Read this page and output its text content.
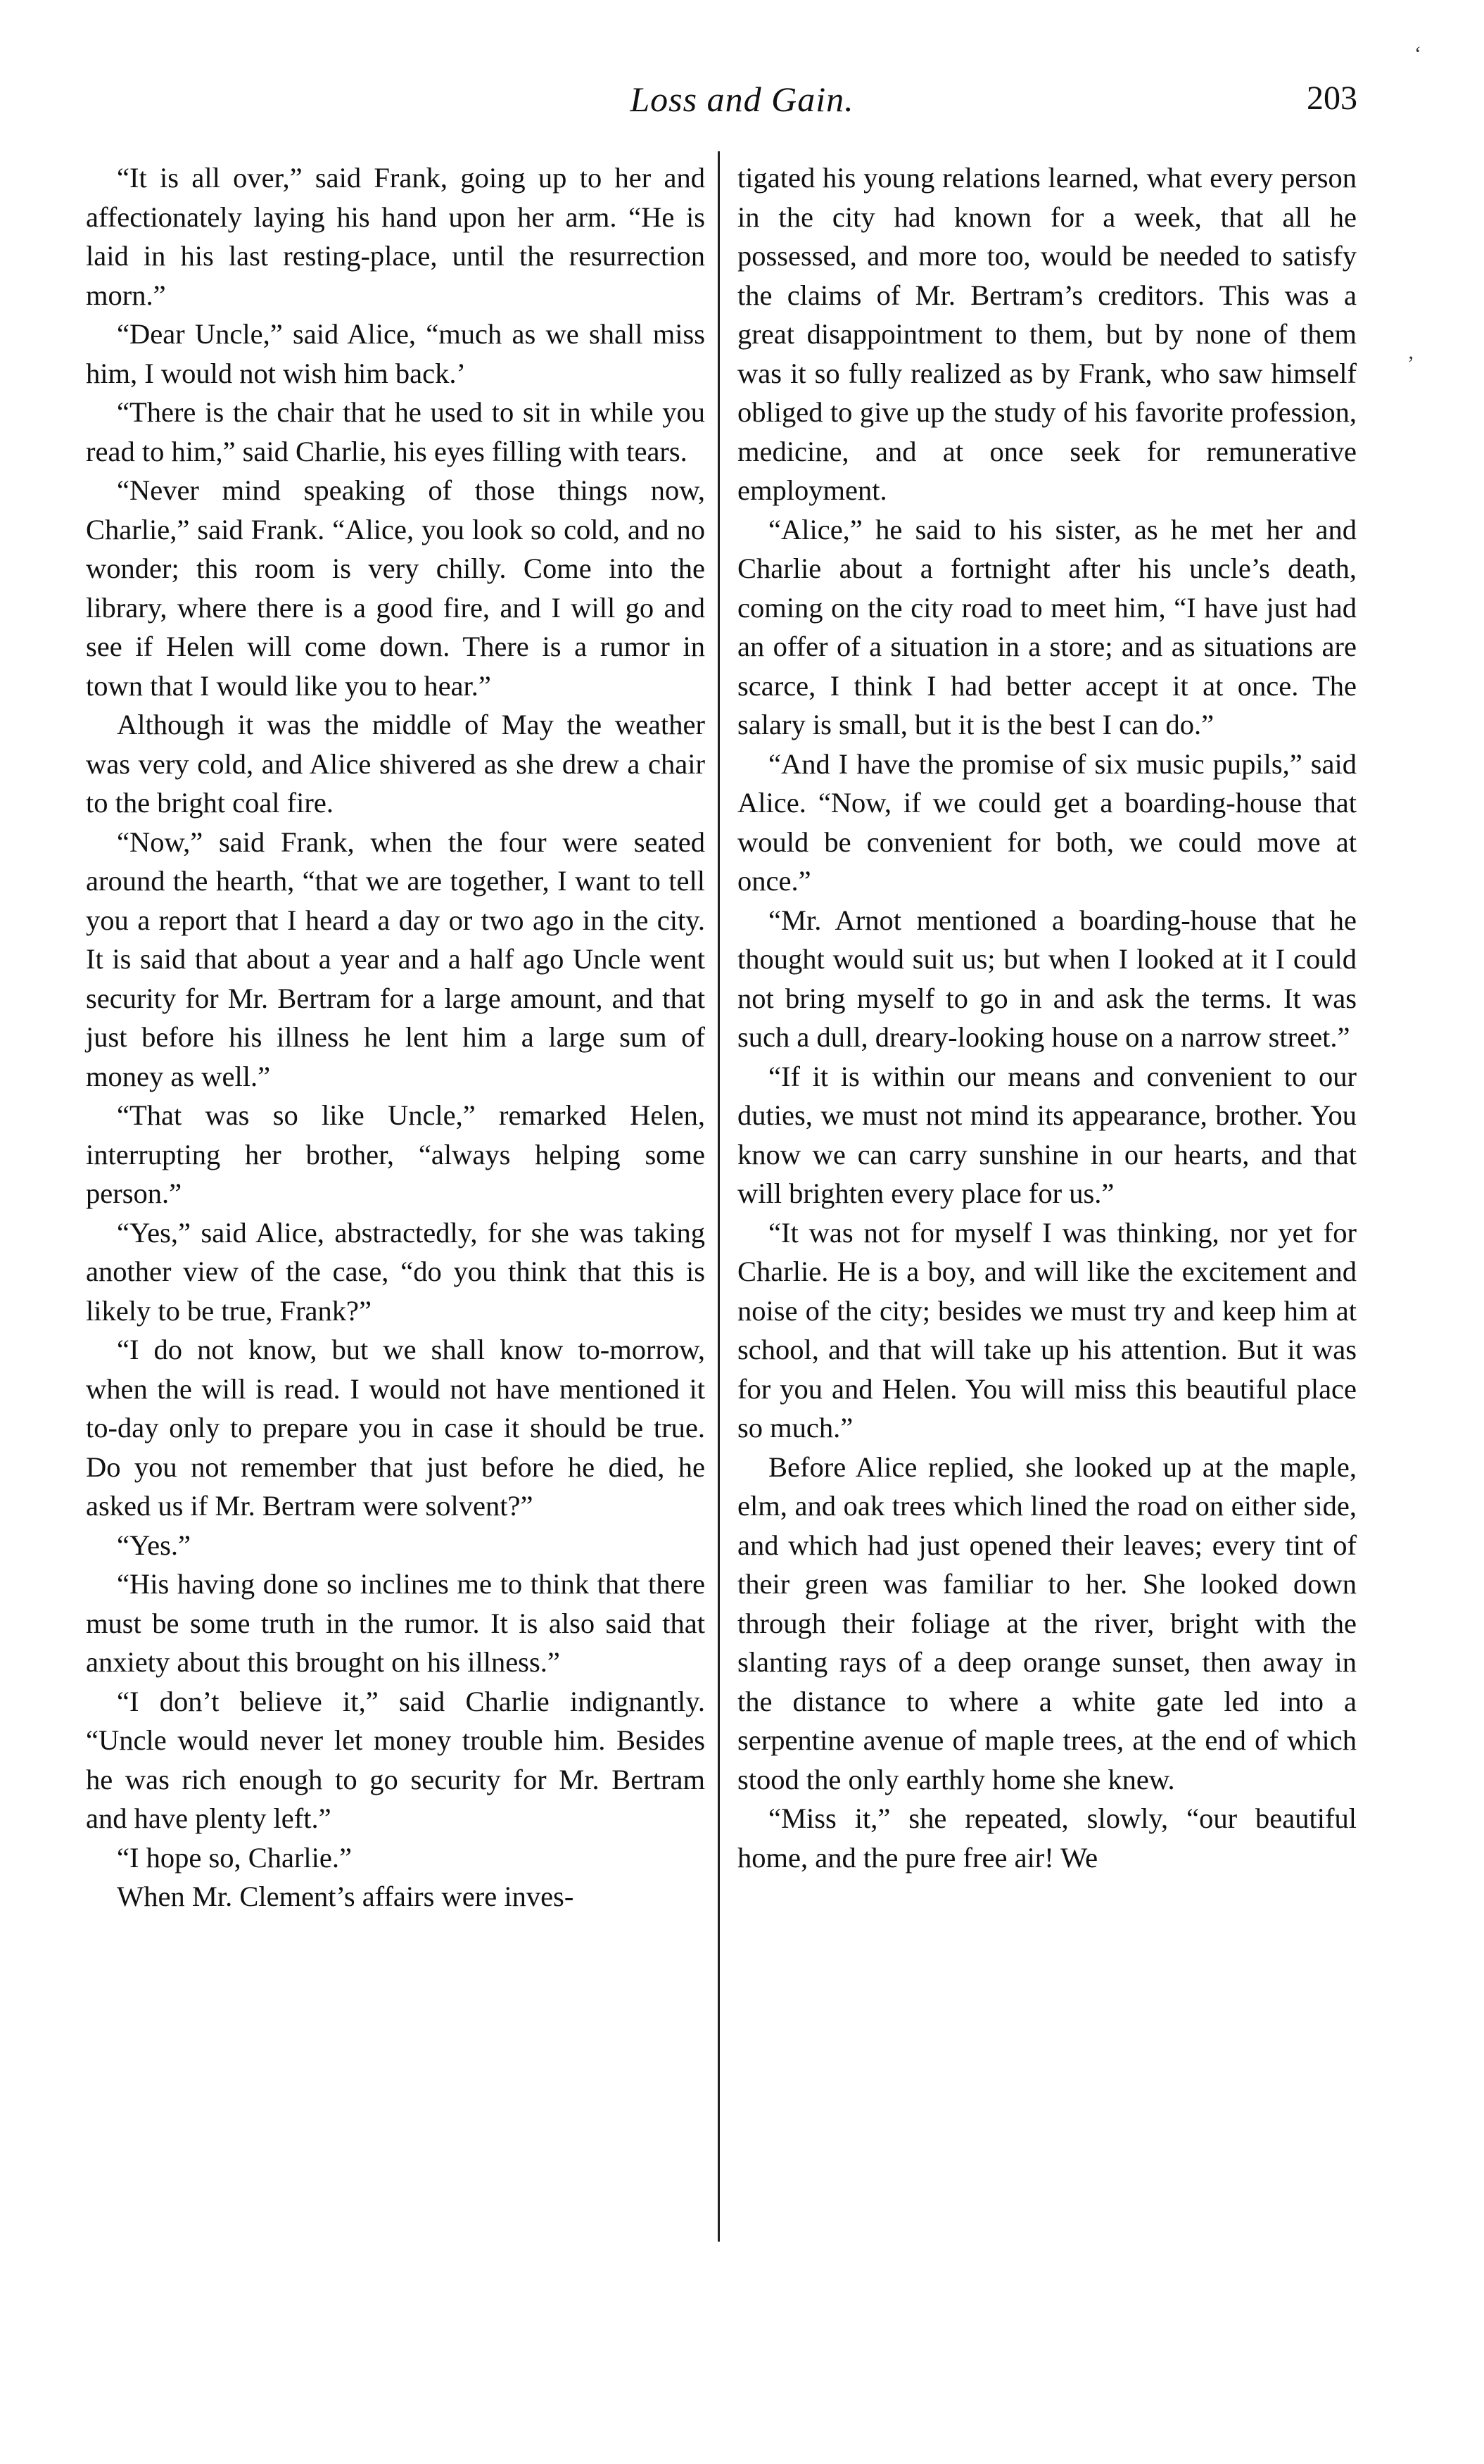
Loss and Gain.	203
‘
’

“It is all over,” said Frank, going up to her and affectionately laying his hand upon her arm. “He is laid in his last resting-place, until the resurrection morn.”

“Dear Uncle,” said Alice, “much as we shall miss him, I would not wish him back.’

“There is the chair that he used to sit in while you read to him,” said Charlie, his eyes filling with tears.

“Never mind speaking of those things now, Charlie,” said Frank. “Alice, you look so cold, and no wonder; this room is very chilly. Come into the library, where there is a good fire, and I will go and see if Helen will come down. There is a rumor in town that I would like you to hear.”

Although it was the middle of May the weather was very cold, and Alice shivered as she drew a chair to the bright coal fire.

“Now,” said Frank, when the four were seated around the hearth, “that we are together, I want to tell you a report that I heard a day or two ago in the city. It is said that about a year and a half ago Uncle went security for Mr. Bertram for a large amount, and that just before his illness he lent him a large sum of money as well.”

“That was so like Uncle,” remarked Helen, interrupting her brother, “always helping some person.”

“Yes,” said Alice, abstractedly, for she was taking another view of the case, “do you think that this is likely to be true, Frank?”

“I do not know, but we shall know to-morrow, when the will is read. I would not have mentioned it to-day only to prepare you in case it should be true. Do you not remember that just before he died, he asked us if Mr. Bertram were solvent?”

“Yes.”

“His having done so inclines me to think that there must be some truth in the rumor. It is also said that anxiety about this brought on his illness.”

“I don’t believe it,” said Charlie indignantly. “Uncle would never let money trouble him. Besides he was rich enough to go security for Mr. Bertram and have plenty left.”

“I hope so, Charlie.”

When Mr. Clement’s affairs were inves-

tigated his young relations learned, what every person in the city had known for a week, that all he possessed, and more too, would be needed to satisfy the claims of Mr. Bertram’s creditors. This was a great disappointment to them, but by none of them was it so fully realized as by Frank, who saw himself obliged to give up the study of his favorite profession, medicine, and at once seek for remunerative employment.

“Alice,” he said to his sister, as he met her and Charlie about a fortnight after his uncle’s death, coming on the city road to meet him, “I have just had an offer of a situation in a store; and as situations are scarce, I think I had better accept it at once. The salary is small, but it is the best I can do.”

“And I have the promise of six music pupils,” said Alice. “Now, if we could get a boarding-house that would be convenient for both, we could move at once.”

“Mr. Arnot mentioned a boarding-house that he thought would suit us; but when I looked at it I could not bring myself to go in and ask the terms. It was such a dull, dreary-looking house on a narrow street.”

“If it is within our means and convenient to our duties, we must not mind its appearance, brother. You know we can carry sunshine in our hearts, and that will brighten every place for us.”

“It was not for myself I was thinking, nor yet for Charlie. He is a boy, and will like the excitement and noise of the city; besides we must try and keep him at school, and that will take up his attention. But it was for you and Helen. You will miss this beautiful place so much.”

Before Alice replied, she looked up at the maple, elm, and oak trees which lined the road on either side, and which had just opened their leaves; every tint of their green was familiar to her. She looked down through their foliage at the river, bright with the slanting rays of a deep orange sunset, then away in the distance to where a white gate led into a serpentine avenue of maple trees, at the end of which stood the only earthly home she knew.

“Miss it,” she repeated, slowly, “our beautiful home, and the pure free air! We
